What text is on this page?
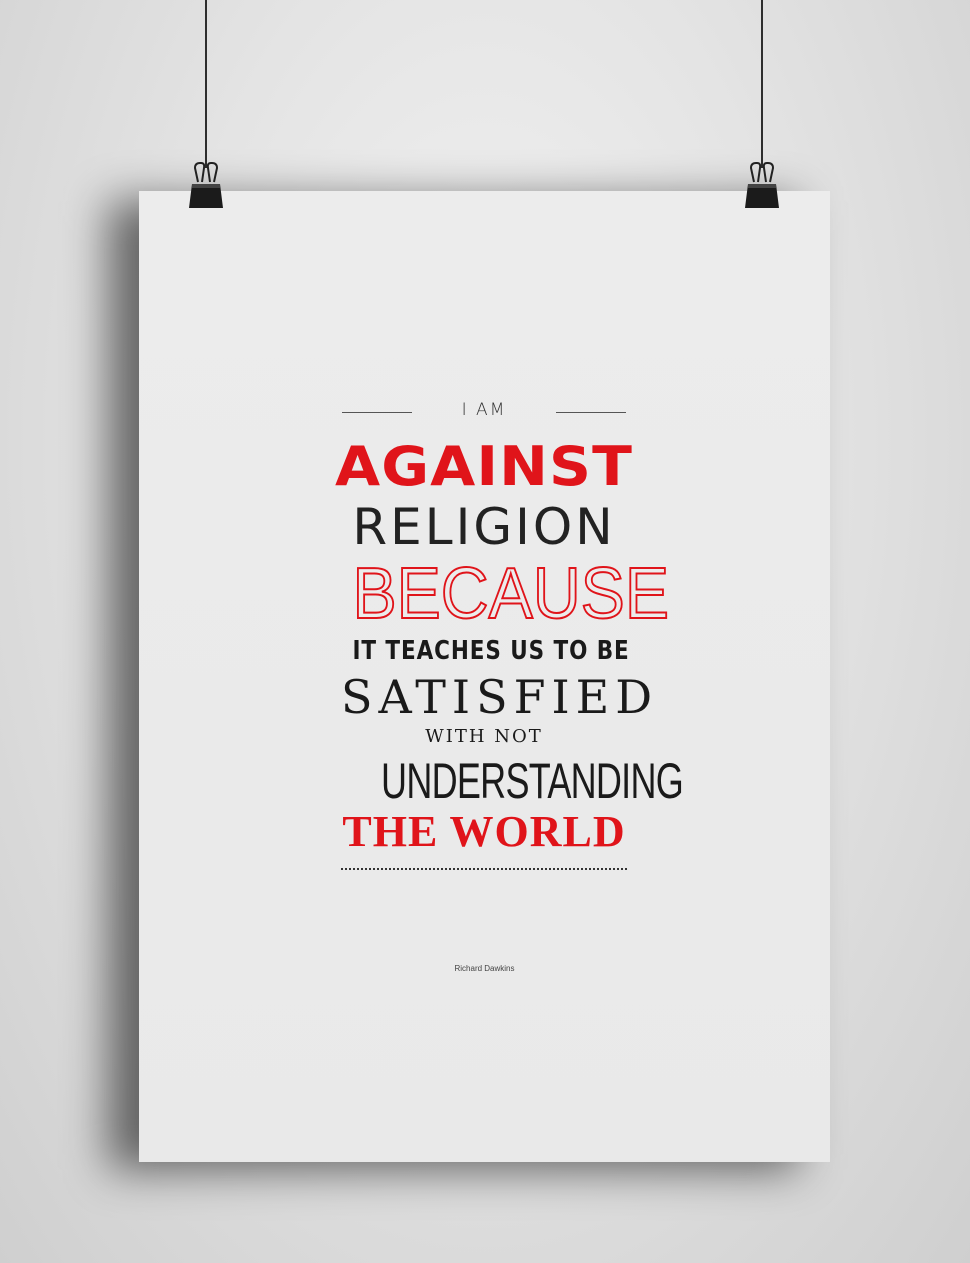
I AM
AGAINST
RELIGION
BECAUSE
IT TEACHES US TO BE
SATISFIED
WITH NOT
UNDERSTANDING
THE WORLD
Richard Dawkins
